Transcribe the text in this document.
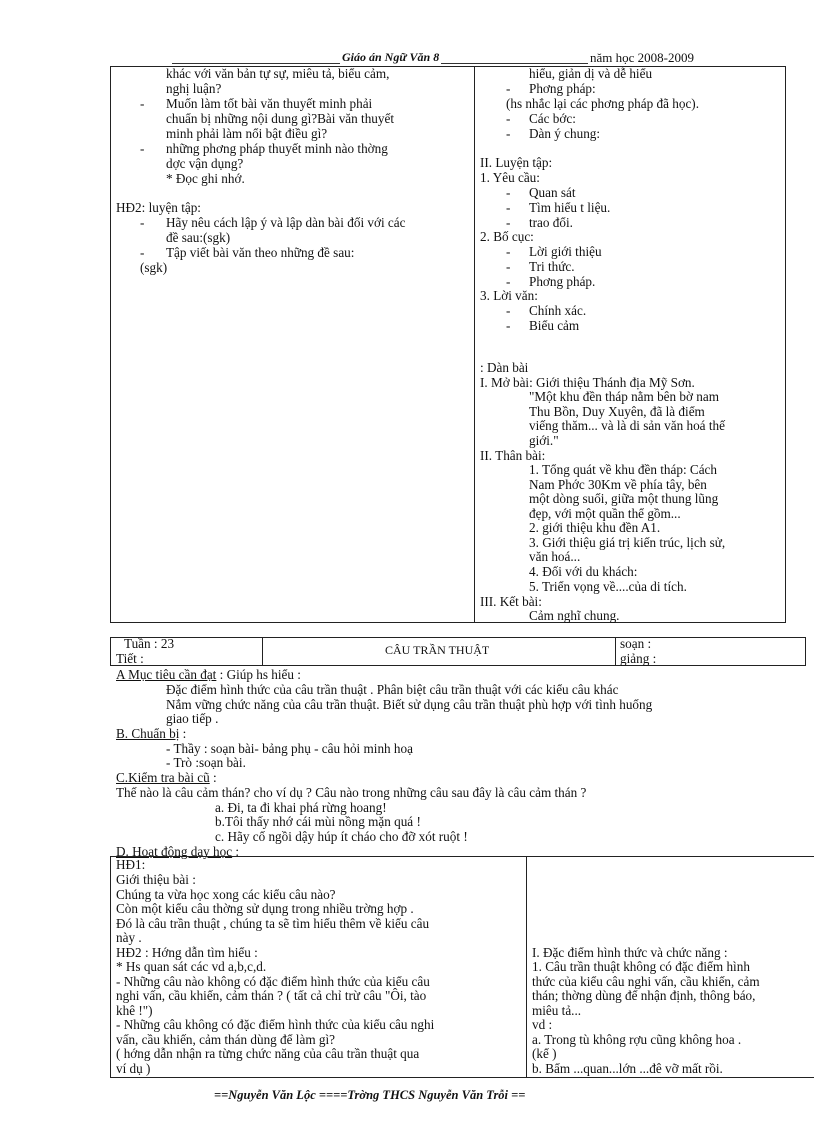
Giáo án Ngữ Văn 8	năm học 2008-2009
khác với văn bản tự sự, miêu tả, biểu cảm,
nghị luận?
- Muốn làm tốt bài văn thuyết minh phải
chuẩn bị những nội dung gì?Bài văn thuyết
minh phải làm nổi bật điều gì?
- những phơng pháp thuyết minh nào thờng
dợc vận dụng?
* Đọc ghi nhớ.
HĐ2: luyện tập:
- Hãy nêu cách lập ý và lập dàn bài đối với các
đề sau:(sgk)
- Tập viết bài văn theo những đề sau:
(sgk)
hiểu, giản dị và dễ hiểu
- Phơng pháp:
(hs nhắc lại các phơng pháp đã học).
- Các bớc:
- Dàn ý chung:
II. Luyện tập:
1. Yêu cầu:
- Quan sát
- Tìm hiểu t liệu.
- trao đổi.
2. Bố cục:
- Lời giới thiệu
- Tri thức.
- Phơng pháp.
3. Lời văn:
- Chính xác.
- Biểu cảm
: Dàn bài
I. Mở bài: Giới thiệu Thánh địa Mỹ Sơn.
"Một khu đền tháp nằm bên bờ nam
Thu Bồn, Duy Xuyên, đã là điểm
viếng thăm... và là di sản văn hoá thế
giới."
II. Thân bài:
1. Tổng quát về khu đền tháp: Cách
Nam Phớc 30Km về phía tây, bên
một dòng suối, giữa một thung lũng
đẹp, với một quần thể gồm...
2. giới thiệu khu đền A1.
3. Giới thiệu giá trị kiến trúc, lịch sử,
văn hoá...
4. Đối với du khách:
5. Triển vọng về....của di tích.
III. Kết bài:
Cảm nghĩ chung.
Tuần : 23
Tiết :
CÂU TRẦN THUẬT	soạn :
giảng :
A Mục tiêu cần đạt : Giúp hs hiểu :
Đặc điểm hình thức của câu trần thuật . Phân biệt câu trần thuật với các kiểu câu khác
Nắm vững chức năng của câu trần thuật. Biết sử dụng câu trần thuật phù hợp với tình huống
giao tiếp .
B. Chuẩn bị :
- Thầy : soạn bài- bảng phụ - câu hỏi minh hoạ
- Trò :soạn bài.
C.Kiểm tra bài cũ :
Thế nào là câu cảm thán? cho ví dụ ? Câu nào trong những câu sau đây là câu cảm thán ?
a. Đi, ta đi khai phá rừng hoang!
b.Tôi thấy nhớ cái mùi nồng mặn quá !
c. Hãy cố ngồi dậy húp ít cháo cho đỡ xót ruột !
D. Hoạt động dạy học :
HĐ1:
Giới thiệu bài :
Chúng ta vừa học xong các kiểu câu nào?
Còn một kiểu câu thờng sử dụng trong nhiều trờng hợp .
Đó là câu trần thuật , chúng ta sẽ tìm hiểu thêm về kiểu câu
này .
HĐ2 : Hớng dẫn tìm hiểu :
* Hs quan sát các vd a,b,c,d.
- Những câu nào không có đặc điểm hình thức của kiểu câu
nghi vấn, cầu khiến, cảm thán ? ( tất cả chỉ trừ câu "Ôi, tào
khê !")
- Những câu không có đặc điểm hình thức của kiểu câu nghi
vấn, cầu khiến, cảm thán dùng để làm gì?
( hớng dẫn nhận ra từng chức năng của câu trần thuật qua
ví dụ )
I. Đặc điểm hình thức và chức năng :
1. Câu trần thuật không có đặc điểm hình
thức của kiểu câu nghi vấn, cầu khiến, cảm
thán; thờng dùng để nhận định, thông báo,
miêu tả...
vd :
a. Trong tù không rợu cũng không hoa .
(kể )
b. Bẩm ...quan...lớn ...đê vỡ mất rồi.
==Nguyễn Văn Lộc ====Trờng THCS Nguyễn Văn Trỗi ==
